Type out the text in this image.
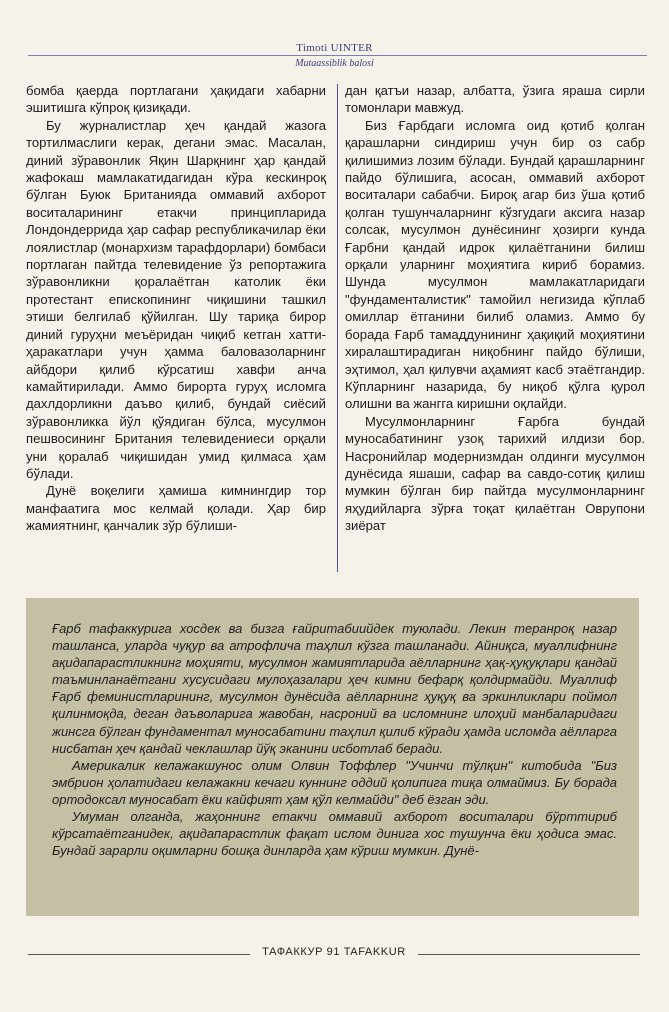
Timoti UINTER
Mutaassiblik balosi

бомба қаерда портлагани ҳақидаги хабарни эшитишга кўпроқ қизиқади.

Бу журналистлар ҳеч қандай жазога тортилмаслиги керак, дегани эмас. Масалан, диний зўравонлик Яқин Шарқнинг ҳар қандай жафокаш мамлакатидагидан кўра кескинроқ бўлган Буюк Британияда оммавий ахборот воситаларининг етакчи принципларида Лондондеррида ҳар сафар республикачилар ёки лоялистлар (монархизм тарафдорлари) бомбаси портлаган пайтда телевидение ўз репортажига зўравонликни қоралаётган католик ёки протестант епископининг чиқишини ташкил этиши белгилаб қўйилган. Шу тариқа бирор диний гуруҳни меъёридан чиқиб кетган хатти-ҳаракатлари учун ҳамма баловазоларнинг айбдори қилиб кўрсатиш хавфи анча камайтирилади. Аммо бирорта гуруҳ исломга дахлдорликни даъво қилиб, бундай сиёсий зўравонликка йўл қўядиган бўлса, мусулмон пешвосининг Британия телевидениеси орқали уни қоралаб чиқишидан умид қилмаса ҳам бўлади.

Дунё воқелиги ҳамиша кимнингдир тор манфаатига мос келмай қолади. Ҳар бир жамиятнинг, қанчалик зўр бўлиши-

дан қатъи назар, албатта, ўзига яраша сирли томонлари мавжуд.

Биз Ғарбдаги исломга оид қотиб қолган қарашларни синдириш учун бир оз сабр қилишимиз лозим бўлади. Бундай қарашларнинг пайдо бўлишига, асосан, оммавий ахборот воситалари сабабчи. Бироқ агар биз ўша қотиб қолган тушунчаларнинг кўзгудаги аксига назар солсак, мусулмон дунёсининг ҳозирги кунда Ғарбни қандай идрок қилаётганини билиш орқали уларнинг моҳиятига кириб борамиз. Шунда мусулмон мамлакатларидаги "фундаменталистик" тамойил негизида кўплаб омиллар ётганини билиб оламиз. Аммо бу борада Ғарб тамаддунининг ҳақиқий моҳиятини хиралаштирадиган ниқобнинг пайдо бўлиши, эҳтимол, ҳал қилувчи аҳамият касб этаётгандир. Кўпларнинг назарида, бу ниқоб қўлга қурол олишни ва жангга киришни оқлайди.

Мусулмонларнинг Ғарбга бундай муносабатининг узоқ тарихий илдизи бор. Насронийлар модернизмдан олдинги мусулмон дунёсида яшаши, сафар ва савдо-сотиқ қилиш мумкин бўлган бир пайтда мусулмонларнинг яҳудийларга зўрға тоқат қилаётган Оврупони зиёрат

Ғарб тафаккурига хосдек ва бизга ғайритабиийдек туюлади. Лекин теранроқ назар ташланса, уларда чуқур ва атрофлича таҳлил кўзга ташланади. Айниқса, муаллифнинг ақидапарастликнинг моҳияти, мусулмон жамиятларида аёлларнинг ҳақ-ҳуқуқлари қандай таъминланаётгани хусусидаги мулоҳазалари ҳеч кимни бефарқ қолдирмайди. Муаллиф Ғарб феминистларининг, мусулмон дунёсида аёлларнинг ҳуқуқ ва эркинликлари поймол қилинмоқда, деган даъволарига жавобан, насроний ва исломнинг илоҳий манбаларидаги жинсга бўлган фундаментал муносабатини таҳлил қилиб кўради ҳамда исломда аёлларга нисбатан ҳеч қандай чеклашлар йўқ эканини исботлаб беради.

Америкалик келажакшунос олим Олвин Тоффлер "Учинчи тўлқин" китобида "Биз эмбрион ҳолатидаги келажакни кечаги куннинг оддий қолипига тиқа олмаймиз. Бу борада ортодоксал муносабат ёки кайфият ҳам қўл келмайди" деб ёзган эди.

Умуман олганда, жаҳоннинг етакчи оммавий ахборот воситалари бўрттириб кўрсатаётганидек, ақидапарастлик фақат ислом динига хос тушунча ёки ҳодиса эмас. Бундай зарарли оқимларни бошқа динларда ҳам кўриш мумкин. Дунё-

ТАФАККУР 91 TAFAKKUR
